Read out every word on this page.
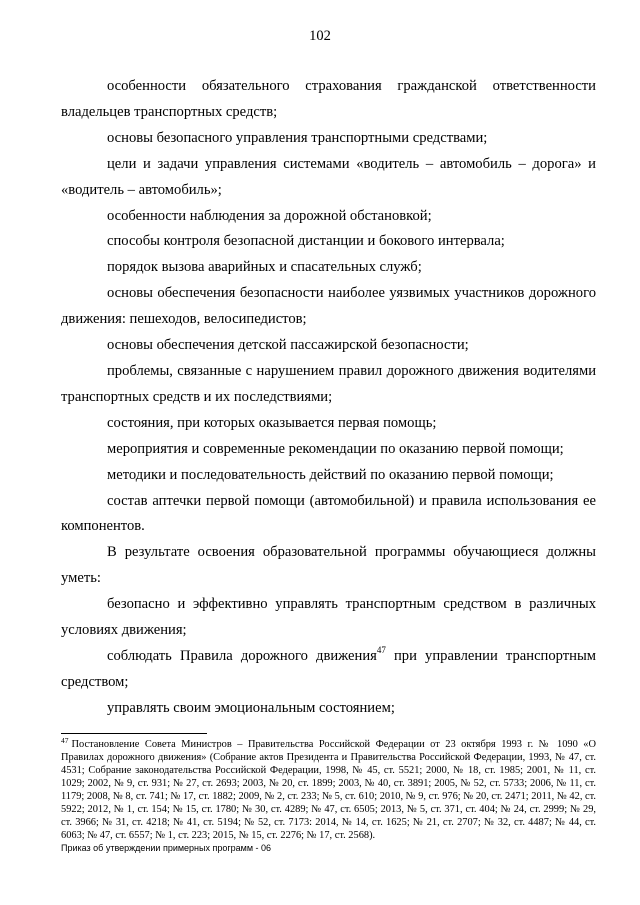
102

особенности обязательного страхования гражданской ответственности владельцев транспортных средств;

основы безопасного управления транспортными средствами;

цели и задачи управления системами «водитель – автомобиль – дорога» и «водитель – автомобиль»;

особенности наблюдения за дорожной обстановкой;

способы контроля безопасной дистанции и бокового интервала;

порядок вызова аварийных и спасательных служб;

основы обеспечения безопасности наиболее уязвимых участников дорожного движения: пешеходов, велосипедистов;

основы обеспечения детской пассажирской безопасности;

проблемы, связанные с нарушением правил дорожного движения водителями транспортных средств и их последствиями;

состояния, при которых оказывается первая помощь;

мероприятия и современные рекомендации по оказанию первой помощи;

методики и последовательность действий по оказанию первой помощи;

состав аптечки первой помощи (автомобильной) и правила использования ее компонентов.

В результате освоения образовательной программы обучающиеся должны уметь:

безопасно и эффективно управлять транспортным средством в различных условиях движения;

соблюдать Правила дорожного движения$^{47}$ при управлении транспортным средством;

управлять своим эмоциональным состоянием;

$^{47}$ Постановление Совета Министров – Правительства Российской Федерации от 23 октября 1993 г. № 1090 «О Правилах дорожного движения» (Собрание актов Президента и Правительства Российской Федерации, 1993, № 47, ст. 4531; Собрание законодательства Российской Федерации, 1998, № 45, ст. 5521; 2000, № 18, ст. 1985; 2001, № 11, ст. 1029; 2002, № 9, ст. 931; № 27, ст. 2693; 2003, № 20, ст. 1899; 2003, № 40, ст. 3891; 2005, № 52, ст. 5733; 2006, № 11, ст. 1179; 2008, № 8, ст. 741; № 17, ст. 1882; 2009, № 2, ст. 233; № 5, ст. 610; 2010, № 9, ст. 976; № 20, ст. 2471; 2011, № 42, ст. 5922; 2012, № 1, ст. 154; № 15, ст. 1780; № 30, ст. 4289; № 47, ст. 6505; 2013, № 5, ст. 371, ст. 404; № 24, ст. 2999; № 29, ст. 3966; № 31, ст. 4218; № 41, ст. 5194; № 52, ст. 7173: 2014, № 14, ст. 1625; № 21, ст. 2707; № 32, ст. 4487; № 44, ст. 6063; № 47, ст. 6557; № 1, ст. 223; 2015, № 15, ст. 2276; № 17, ст. 2568).
Приказ об утверждении примерных программ - 06
